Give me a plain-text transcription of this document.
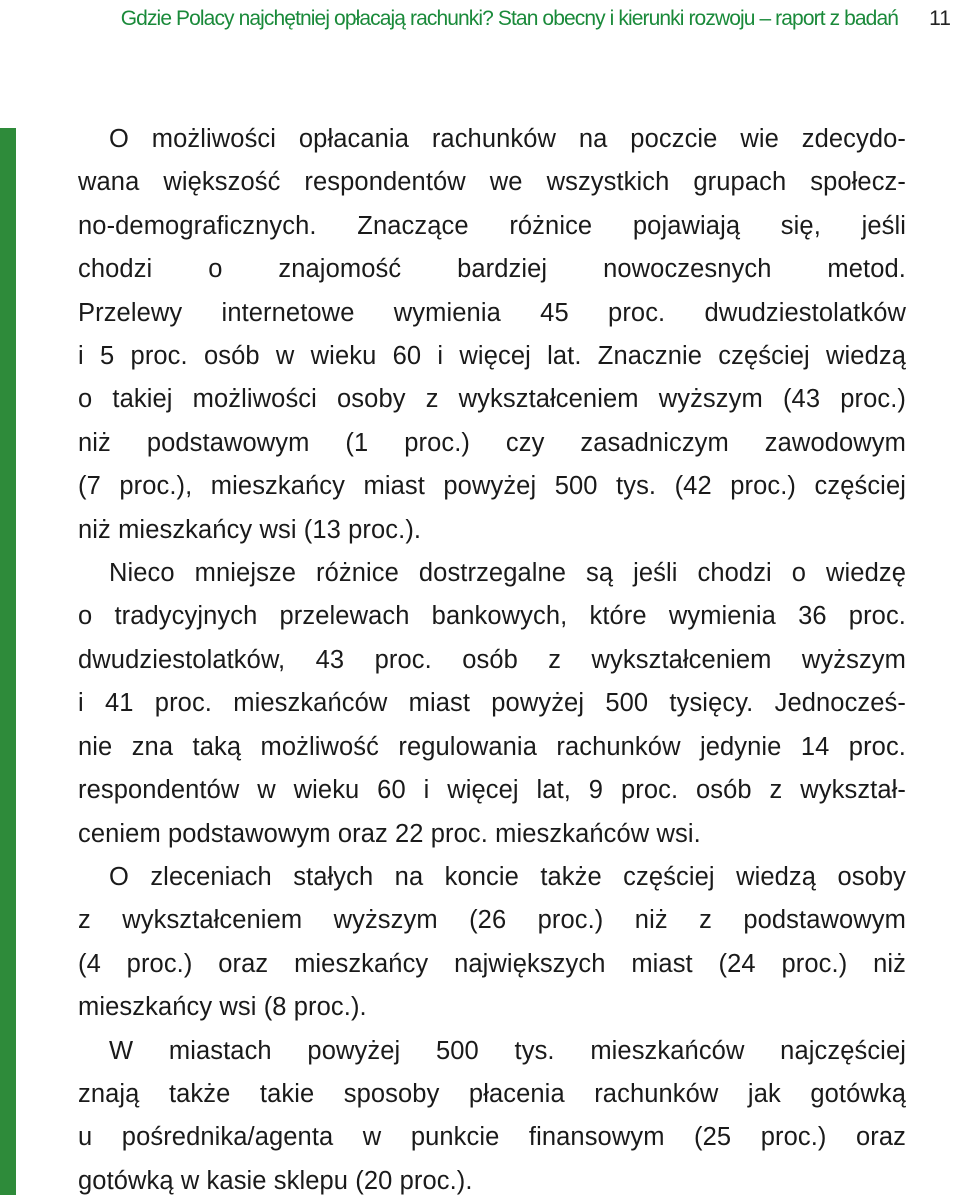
Gdzie Polacy najchętniej opłacają rachunki? Stan obecny i kierunki rozwoju – raport z badań	11
O możliwości opłacania rachunków na poczcie wie zdecydo-
wana większość respondentów we wszystkich grupach społecz-
no-demograficznych. Znaczące różnice pojawiają się, jeśli
chodzi o znajomość bardziej nowoczesnych metod.
Przelewy internetowe wymienia 45 proc. dwudziestolatków
i 5 proc. osób w wieku 60 i więcej lat. Znacznie częściej wiedzą
o takiej możliwości osoby z wykształceniem wyższym (43 proc.)
niż podstawowym (1 proc.) czy zasadniczym zawodowym
(7 proc.), mieszkańcy miast powyżej 500 tys. (42 proc.) częściej
niż mieszkańcy wsi (13 proc.).
Nieco mniejsze różnice dostrzegalne są jeśli chodzi o wiedzę
o tradycyjnych przelewach bankowych, które wymienia 36 proc.
dwudziestolatków, 43 proc. osób z wykształceniem wyższym
i 41 proc. mieszkańców miast powyżej 500 tysięcy. Jednocześ-
nie zna taką możliwość regulowania rachunków jedynie 14 proc.
respondentów w wieku 60 i więcej lat, 9 proc. osób z wykształ-
ceniem podstawowym oraz 22 proc. mieszkańców wsi.
O zleceniach stałych na koncie także częściej wiedzą osoby
z wykształceniem wyższym (26 proc.) niż z podstawowym
(4 proc.) oraz mieszkańcy największych miast (24 proc.) niż
mieszkańcy wsi (8 proc.).
W miastach powyżej 500 tys. mieszkańców najczęściej
znają także takie sposoby płacenia rachunków jak gotówką
u pośrednika/agenta w punkcie finansowym (25 proc.) oraz
gotówką w kasie sklepu (20 proc.).
